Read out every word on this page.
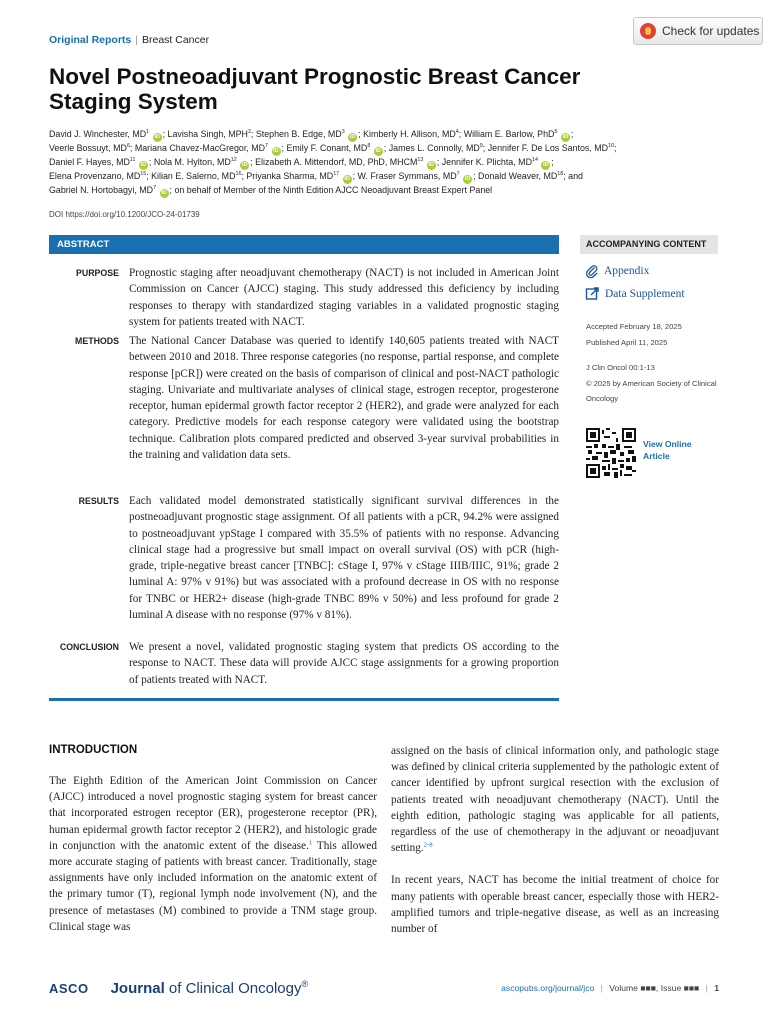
Original Reports | Breast Cancer
Check for updates
Novel Postneoadjuvant Prognostic Breast Cancer Staging System
David J. Winchester, $MD^1$ iD ; Lavisha Singh, MPH$^2$; Stephen B. Edge, $MD^3$ iD ; Kimberly H. Allison, $MD^4$; William E. Barlow, PhD$^5$ iD ;
Veerle Bossuyt, $MD^6$; Mariana Chavez-MacGregor, $MD^7$ iD ; Emily F. Conant, $MD^8$ iD ; James L. Connolly, $MD^9$; Jennifer F. De Los Santos, MD$^{10}$;
Daniel F. Hayes, MD$^{11}$ iD ; Nola M. Hylton, MD$^{12}$ iD ; Elizabeth A. Mittendorf, MD, PhD, MHCM$^{13}$ iD ; Jennifer K. Plichta, MD$^{14}$ iD ;
Elena Provenzano, MD$^{15}$; Kilian E. Salerno, MD$^{16}$; Priyanka Sharma, MD$^{17}$ iD ; W. Fraser Symmans, $MD^7$ iD ; Donald Weaver, MD$^{18}$; and
Gabriel N. Hortobagyi, $MD^7$ iD ; on behalf of Member of the Ninth Edition AJCC Neoadjuvant Breast Expert Panel
DOI https://doi.org/10.1200/JCO-24-01739
ABSTRACT
PURPOSE Prognostic staging after neoadjuvant chemotherapy (NACT) is not included in American Joint Commission on Cancer (AJCC) staging. This study addressed this deficiency by including responses to therapy with standardized staging variables in a validated prognostic staging system for patients treated with NACT.
METHODS The National Cancer Database was queried to identify 140,605 patients treated with NACT between 2010 and 2018. Three response categories (no response, partial response, and complete response [pCR]) were created on the basis of comparison of clinical and post-NACT pathologic staging. Univariate and multivariate analyses of clinical stage, estrogen receptor, progesterone receptor, human epidermal growth factor receptor 2 (HER2), and grade were analyzed for each category. Predictive models for each response category were validated using the bootstrap technique. Calibration plots compared predicted and observed 3-year survival probabilities in the training and validation data sets.
RESULTS Each validated model demonstrated statistically significant survival differences in the postneoadjuvant prognostic stage assignment. Of all patients with a pCR, 94.2% were assigned to postneoadjuvant ypStage I compared with 35.5% of patients with no response. Advancing clinical stage had a progressive but small impact on overall survival (OS) with pCR (high-grade, triple-negative breast cancer [TNBC]: cStage I, 97% v cStage IIIB/IIIC, 91%; grade 2 luminal A: 97% v 91%) but was associated with a profound decrease in OS with no response for TNBC or HER2+ disease (high-grade TNBC 89% v 50%) and less profound for grade 2 luminal A disease with no response (97% v 81%).
CONCLUSION We present a novel, validated prognostic staging system that predicts OS according to the response to NACT. These data will provide AJCC stage assignments for a growing proportion of patients treated with NACT.
ACCOMPANYING CONTENT
Appendix
Data Supplement
Accepted February 18, 2025
Published April 11, 2025
J Clin Oncol 00:1-13
© 2025 by American Society of Clinical Oncology
View Online
Article
INTRODUCTION
The Eighth Edition of the American Joint Commission on Cancer (AJCC) introduced a novel prognostic staging system for breast cancer that incorporated estrogen receptor (ER), progesterone receptor (PR), human epidermal growth factor receptor 2 (HER2), and histologic grade in conjunction with the anatomic extent of the disease.$^1$ This allowed more accurate staging of patients with breast cancer. Traditionally, stage assignments have only included information on the anatomic extent of the primary tumor (T), regional lymph node involvement (N), and the presence of metastases (M) combined to provide a TNM stage group. Clinical stage was
assigned on the basis of clinical information only, and pathologic stage was defined by clinical criteria supplemented by the pathologic extent of cancer identified by upfront surgical resection with the exclusion of patients treated with neoadjuvant chemotherapy (NACT). Until the eighth edition, pathologic staging was applicable for all patients, regardless of the use of chemotherapy in the adjuvant or neoadjuvant setting.$^{2-8}$
In recent years, NACT has become the initial treatment of choice for many patients with operable breast cancer, especially those with HER2-amplified tumors and triple-negative disease, as well as an increasing number of
ASCO Journal of Clinical Oncology®	ascopubs.org/journal/jco | Volume ■■■, Issue ■■■ | 1
